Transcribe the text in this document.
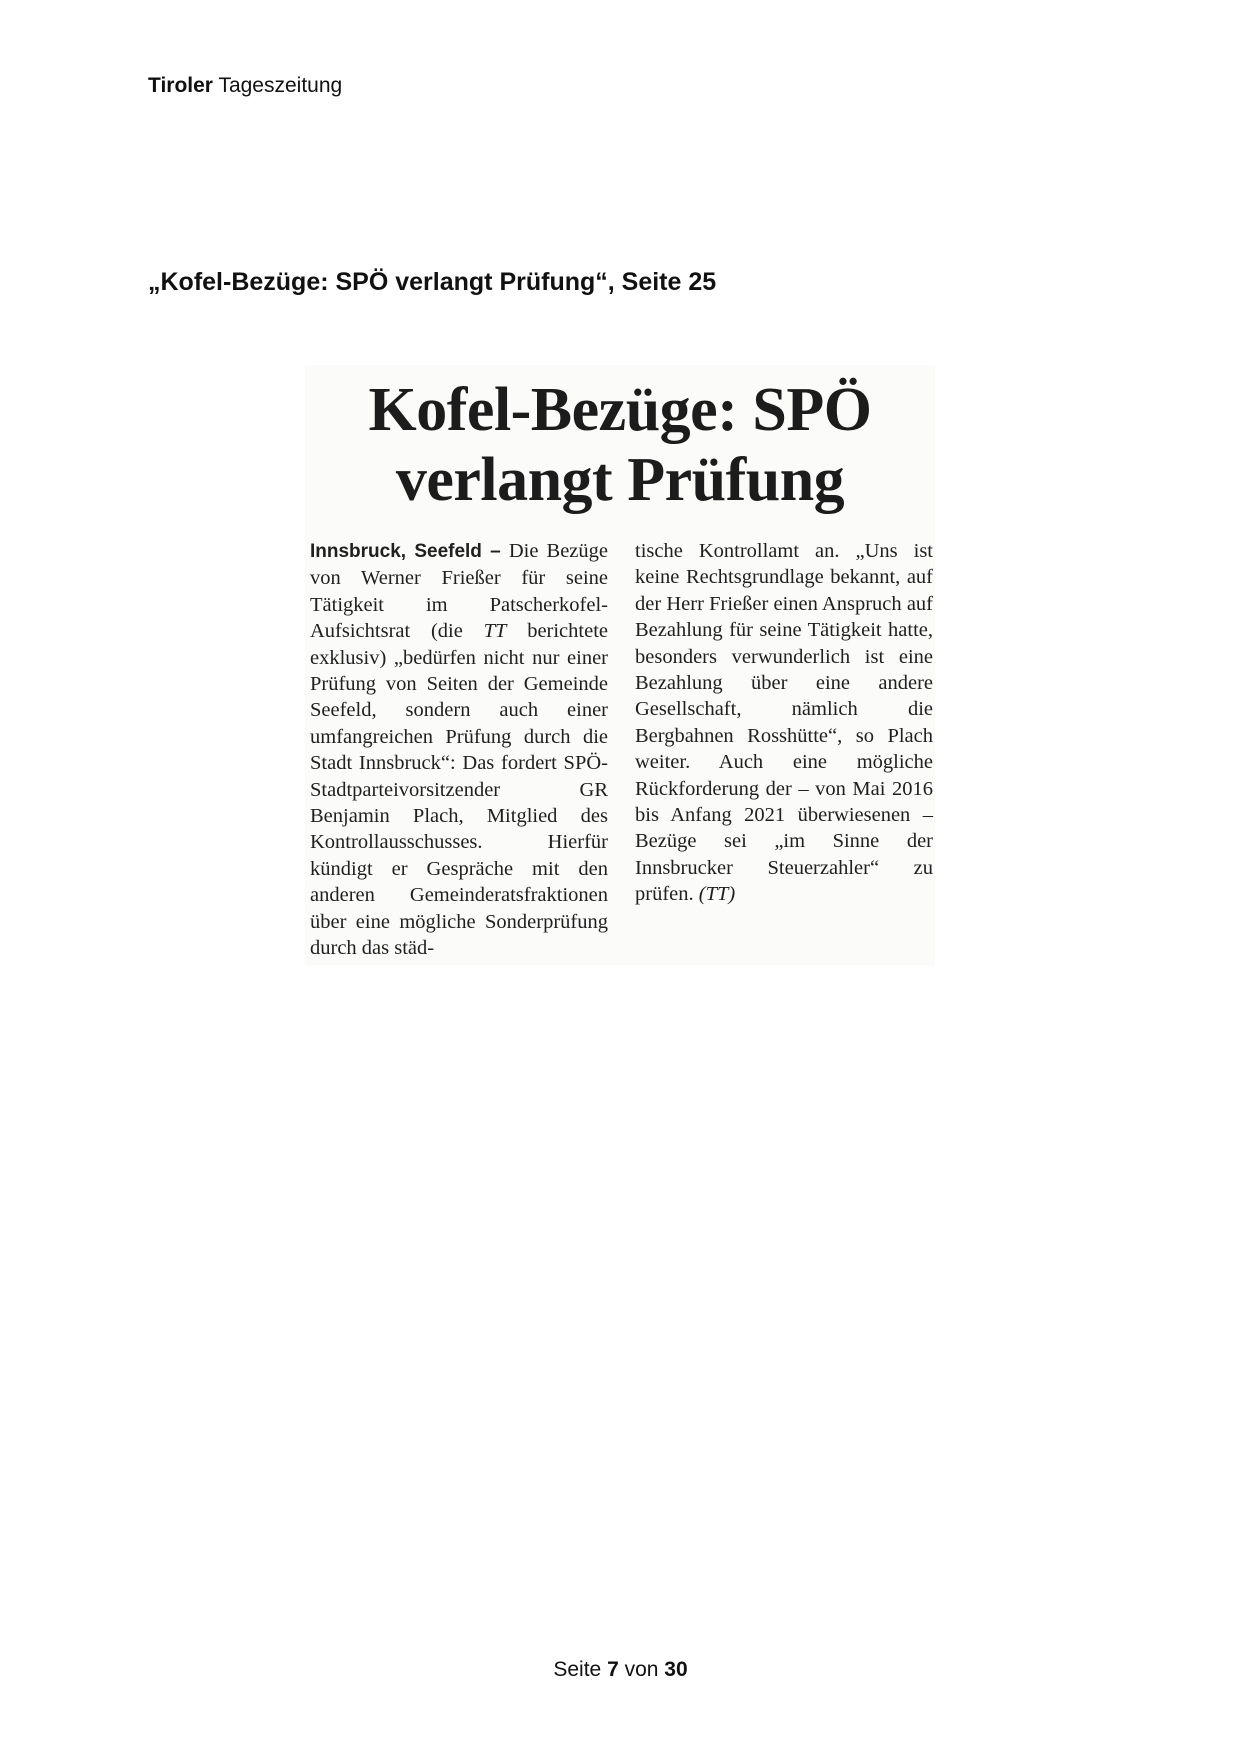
Tiroler Tageszeitung
„Kofel-Bezüge: SPÖ verlangt Prüfung“, Seite 25
Kofel-Bezüge: SPÖ
verlangt Prüfung
Innsbruck, Seefeld – Die Bezüge von Werner Frießer für seine Tätigkeit im Patscherkofel-Aufsichtsrat (die TT berichtete exklusiv) „bedürfen nicht nur einer Prüfung von Seiten der Gemeinde Seefeld, sondern auch einer umfangreichen Prüfung durch die Stadt Innsbruck“: Das fordert SPÖ-Stadtparteivorsitzender GR Benjamin Plach, Mitglied des Kontrollausschusses. Hierfür kündigt er Gespräche mit den anderen Gemeinderatsfraktionen über eine mögliche Sonderprüfung durch das städ-
tische Kontrollamt an. „Uns ist keine Rechtsgrundlage bekannt, auf der Herr Frießer einen Anspruch auf Bezahlung für seine Tätigkeit hatte, besonders verwunderlich ist eine Bezahlung über eine andere Gesellschaft, nämlich die Bergbahnen Rosshütte“, so Plach weiter. Auch eine mögliche Rückforderung der – von Mai 2016 bis Anfang 2021 überwiesenen – Bezüge sei „im Sinne der Innsbrucker Steuerzahler“ zu prüfen. (TT)
Seite 7 von 30
